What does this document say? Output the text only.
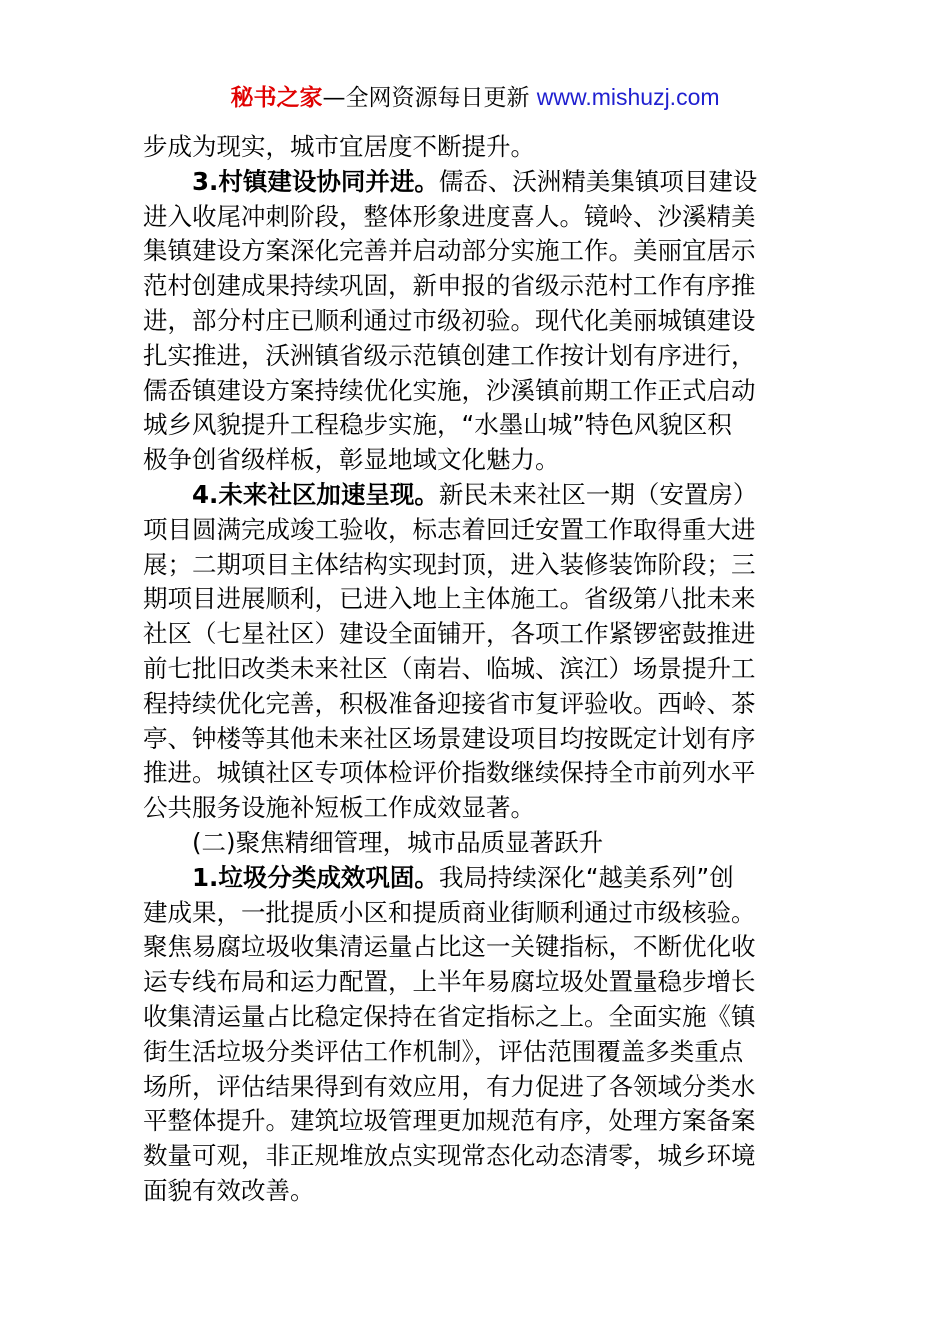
秘书之家—全网资源每日更新 www.mishuzj.com
步成为现实，城市宜居度不断提升。
3.村镇建设协同并进。儒岙、沃洲精美集镇项目建设
进入收尾冲刺阶段，整体形象进度喜人。镜岭、沙溪精美
集镇建设方案深化完善并启动部分实施工作。美丽宜居示
范村创建成果持续巩固，新申报的省级示范村工作有序推
进，部分村庄已顺利通过市级初验。现代化美丽城镇建设
扎实推进，沃洲镇省级示范镇创建工作按计划有序进行，
儒岙镇建设方案持续优化实施，沙溪镇前期工作正式启动
城乡风貌提升工程稳步实施，“水墨山城”特色风貌区积
极争创省级样板，彰显地域文化魅力。
4.未来社区加速呈现。新民未来社区一期（安置房）
项目圆满完成竣工验收，标志着回迁安置工作取得重大进
展；二期项目主体结构实现封顶，进入装修装饰阶段；三
期项目进展顺利，已进入地上主体施工。省级第八批未来
社区（七星社区）建设全面铺开，各项工作紧锣密鼓推进
前七批旧改类未来社区（南岩、临城、滨江）场景提升工
程持续优化完善，积极准备迎接省市复评验收。西岭、茶
亭、钟楼等其他未来社区场景建设项目均按既定计划有序
推进。城镇社区专项体检评价指数继续保持全市前列水平
公共服务设施补短板工作成效显著。
(二)聚焦精细管理，城市品质显著跃升
1.垃圾分类成效巩固。我局持续深化“越美系列”创
建成果，一批提质小区和提质商业街顺利通过市级核验。
聚焦易腐垃圾收集清运量占比这一关键指标，不断优化收
运专线布局和运力配置，上半年易腐垃圾处置量稳步增长
收集清运量占比稳定保持在省定指标之上。全面实施《镇
街生活垃圾分类评估工作机制》，评估范围覆盖多类重点
场所，评估结果得到有效应用，有力促进了各领域分类水
平整体提升。建筑垃圾管理更加规范有序，处理方案备案
数量可观，非正规堆放点实现常态化动态清零，城乡环境
面貌有效改善。
